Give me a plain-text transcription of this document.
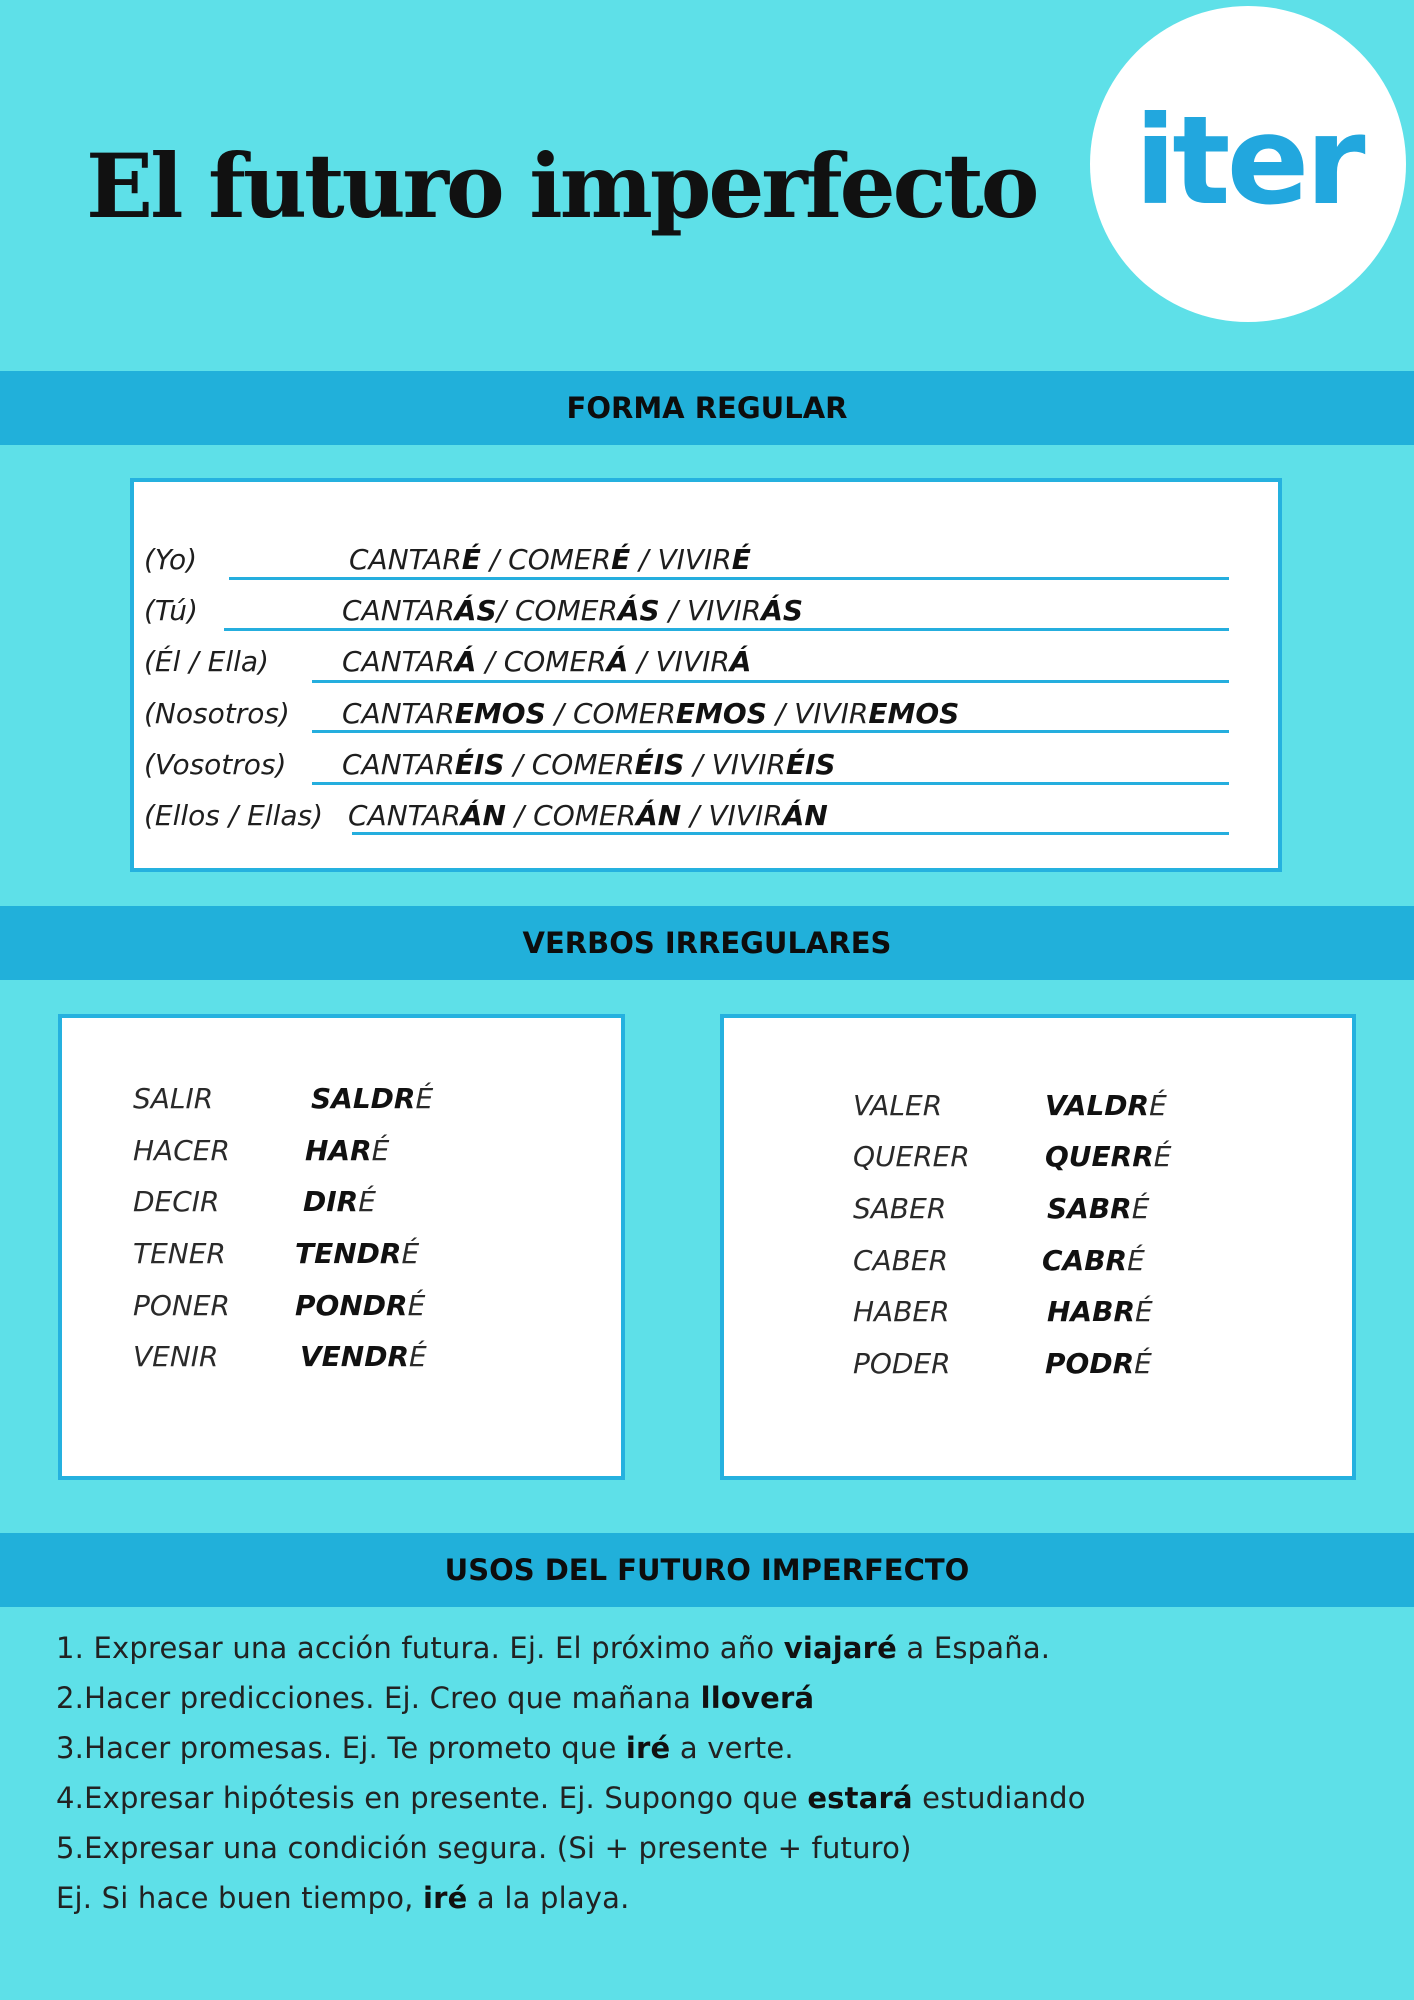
El futuro imperfecto iter
FORMA REGULAR
(Yo)	CANTARÉ / COMERÉ / VIVIRÉ
(Tú)	CANTARÁS/ COMERÁS / VIVIRÁS
(Él / Ella)	CANTARÁ / COMERÁ / VIVIRÁ
(Nosotros) CANTAREMOS / COMEREMOS / VIVIREMOS
(Vosotros) CANTARÉIS / COMERÉIS / VIVIRÉIS
(Ellos / Ellas) CANTARÁN / COMERÁN / VIVIRÁN
VERBOS IRREGULARES
SALIR	SALDRÉ
HACER	HARÉ
DECIR	DIRÉ
TENER TENDRÉ
PONER PONDRÉ
VENIR	VENDRÉ
VALER	VALDRÉ
QUERER	QUERRÉ
SABER	SABRÉ
CABER	CABRÉ
HABER	HABRÉ
PODER	PODRÉ
USOS DEL FUTURO IMPERFECTO
1. Expresar una acción futura. Ej. El próximo año viajaré a España.
2.Hacer predicciones. Ej. Creo que mañana lloverá
3.Hacer promesas. Ej. Te prometo que iré a verte.
4.Expresar hipótesis en presente. Ej. Supongo que estará estudiando
5.Expresar una condición segura. (Si + presente + futuro)
Ej. Si hace buen tiempo, iré a la playa.
